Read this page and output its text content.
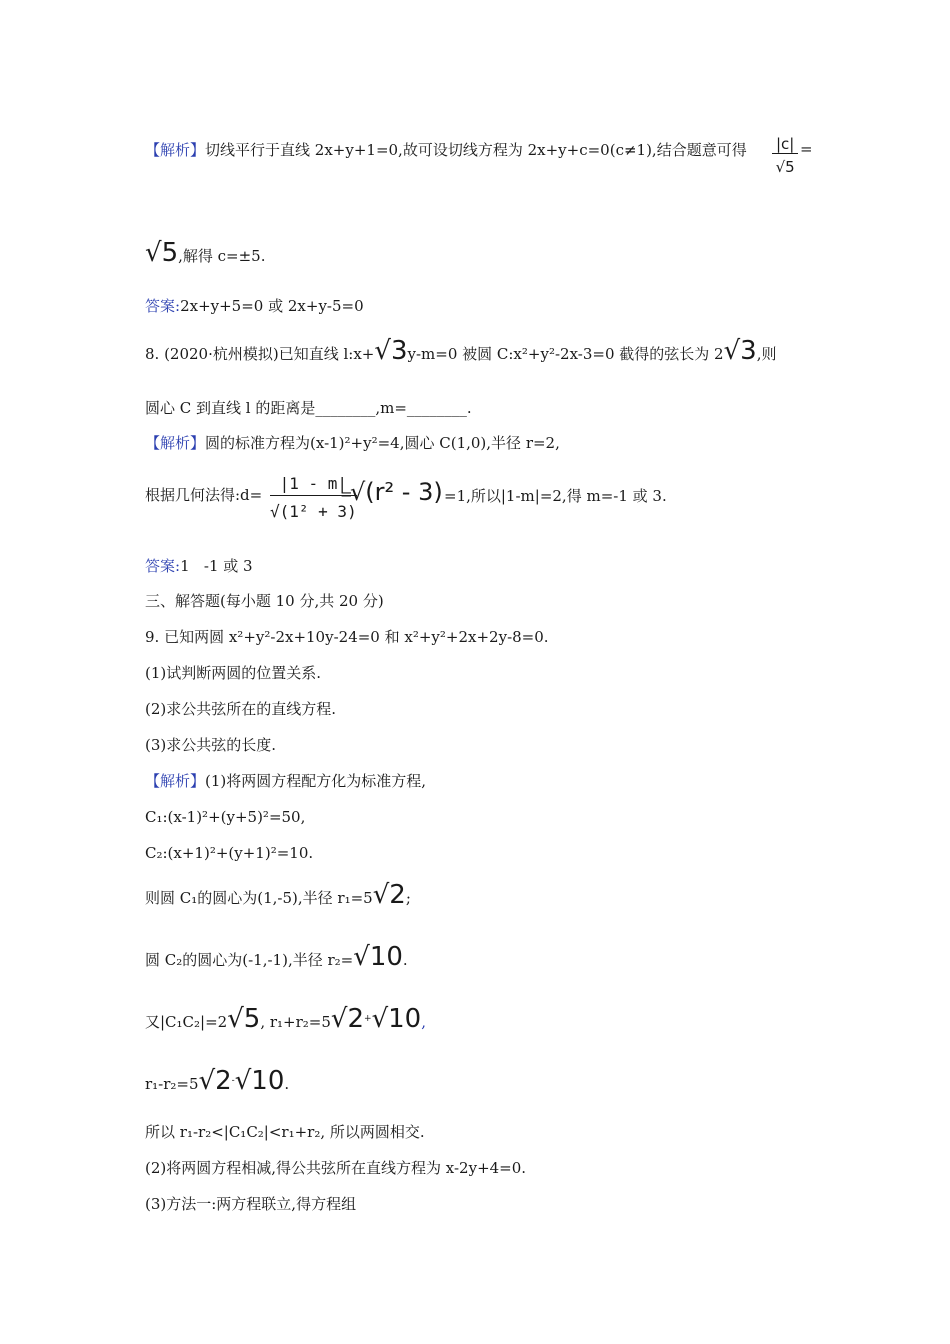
【解析】切线平行于直线 2x+y+1=0,故可设切线方程为 2x+y+c=0(c≠1),结合题意可得 $\frac{|c|}{√5}$ =
√5,解得 c=±5.
答案:2x+y+5=0 或 2x+y-5=0
8. (2020·杭州模拟)已知直线 l:x+√3y-m=0 被圆 C:x²+y²-2x-3=0 截得的弦长为 2√3,则
圆心 C 到直线 l 的距离是________,m=________.
【解析】圆的标准方程为(x-1)²+y²=4,圆心 C(1,0),半径 r=2,
根据几何法得:d= $\frac{|1 - m|}{\text{√(1² + 3)}}$
=
√(r² - 3) =1,所以|1-m|=2,得 m=-1 或 3.
答案:1   -1 或 3
三、解答题(每小题 10 分,共 20 分)
9. 已知两圆 x²+y²-2x+10y-24=0 和 x²+y²+2x+2y-8=0.
(1)试判断两圆的位置关系.
(2)求公共弦所在的直线方程.
(3)求公共弦的长度.
【解析】(1)将两圆方程配方化为标准方程,
C₁:(x-1)²+(y+5)²=50,
C₂:(x+1)²+(y+1)²=10.
则圆 C₁的圆心为(1,-5),半径 r₁=5√2;
圆 C₂的圆心为(-1,-1),半径 r₂=√10.
又|C₁C₂|=2√5, r₁+r₂=5√2+√10,
r₁-r₂=5√2-√10.
所以 r₁-r₂<|C₁C₂|<r₁+r₂, 所以两圆相交.
(2)将两圆方程相减,得公共弦所在直线方程为 x-2y+4=0.
(3)方法一:两方程联立,得方程组
